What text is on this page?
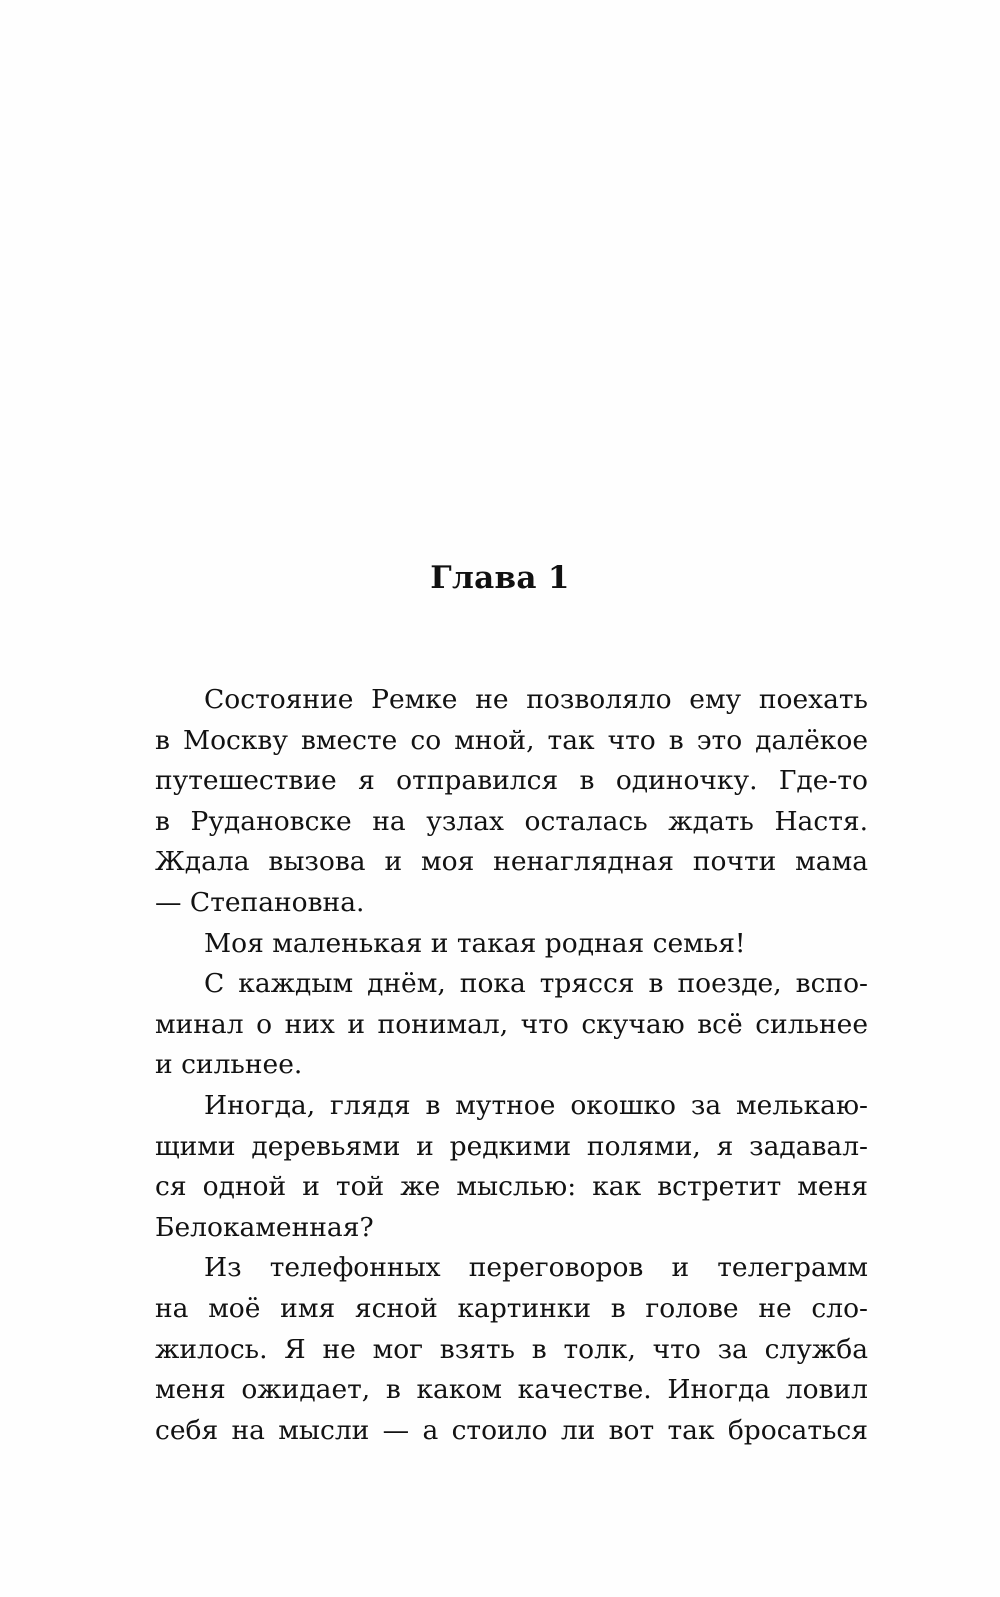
Глава 1
Состояние Ремке не позволяло ему поехать
в Москву вместе со мной, так что в это далёкое
путешествие я отправился в одиночку. Где-то
в Рудановске на узлах осталась ждать Настя.
Ждала вызова и моя ненаглядная почти мама
— Степановна.
Моя маленькая и такая родная семья!
С каждым днём, пока трясся в поезде, вспо-
минал о них и понимал, что скучаю всё сильнее
и сильнее.
Иногда, глядя в мутное окошко за мелькаю-
щими деревьями и редкими полями, я задавал-
ся одной и той же мыслью: как встретит меня
Белокаменная?
Из телефонных переговоров и телеграмм
на моё имя ясной картинки в голове не сло-
жилось. Я не мог взять в толк, что за служба
меня ожидает, в каком качестве. Иногда ловил
себя на мысли — а стоило ли вот так бросаться
